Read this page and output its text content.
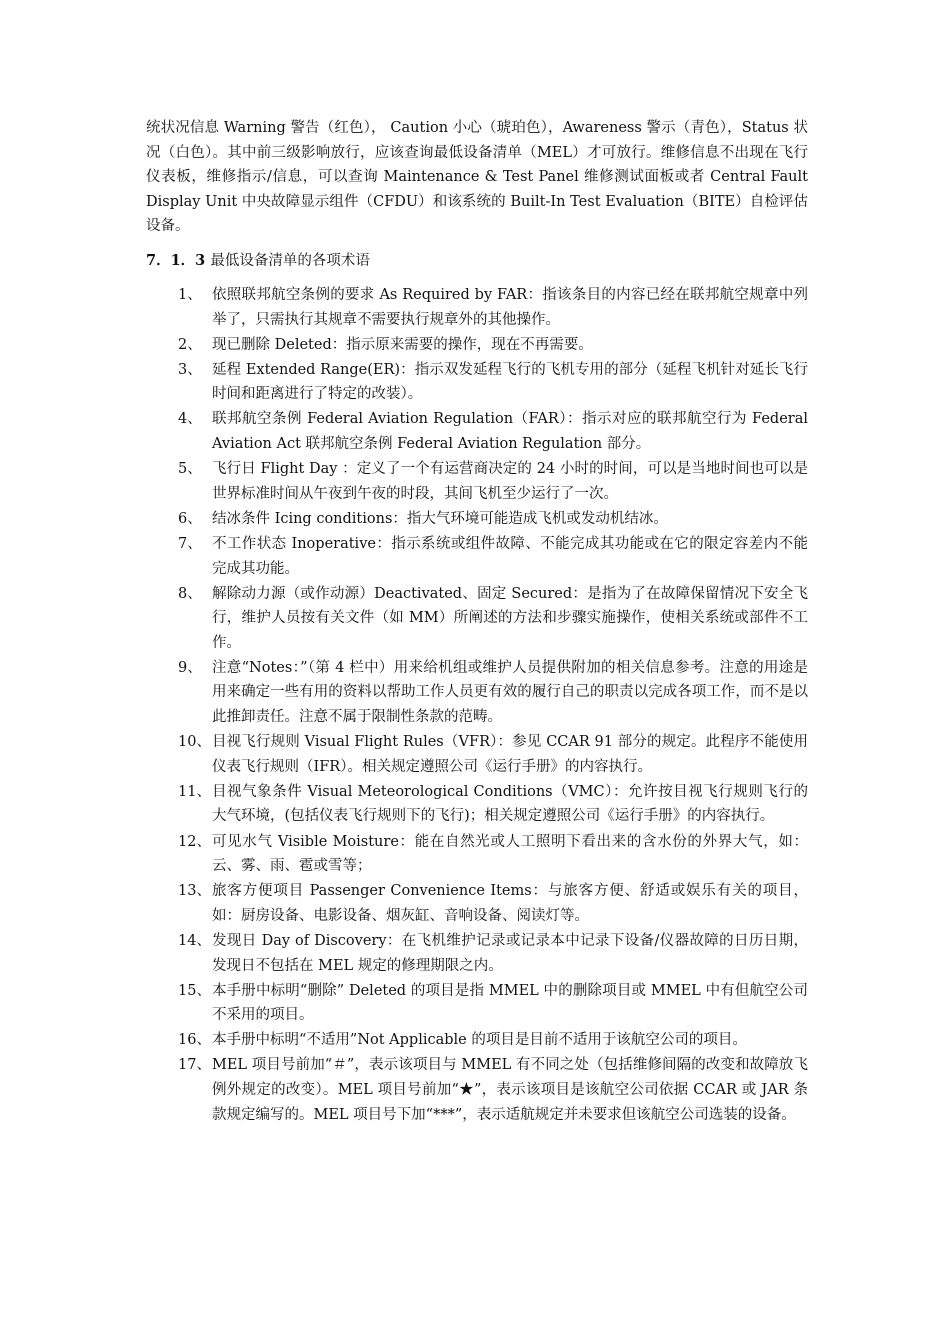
统状况信息 Warning 警告（红色）， Caution 小心（琥珀色），Awareness 警示（青色），Status 状况（白色）。其中前三级影响放行，应该查询最低设备清单（MEL）才可放行。维修信息不出现在飞行仪表板，维修指示/信息，可以查询 Maintenance & Test Panel 维修测试面板或者 Central Fault Display Unit 中央故障显示组件（CFDU）和该系统的 Built-In Test Evaluation（BITE）自检评估设备。

7．1．3 最低设备清单的各项术语
1、 依照联邦航空条例的要求 As Required by FAR：指该条目的内容已经在联邦航空规章中列举了，只需执行其规章不需要执行规章外的其他操作。
2、 现已删除 Deleted：指示原来需要的操作，现在不再需要。
3、 延程 Extended Range(ER)：指示双发延程飞行的飞机专用的部分（延程飞机针对延长飞行时间和距离进行了特定的改装）。
4、 联邦航空条例 Federal Aviation Regulation（FAR）：指示对应的联邦航空行为 Federal Aviation Act 联邦航空条例 Federal Aviation Regulation 部分。
5、 飞行日 Flight Day ：定义了一个有运营商决定的 24 小时的时间，可以是当地时间也可以是世界标准时间从午夜到午夜的时段，其间飞机至少运行了一次。
6、 结冰条件 Icing conditions：指大气环境可能造成飞机或发动机结冰。
7、 不工作状态 Inoperative：指示系统或组件故障、不能完成其功能或在它的限定容差内不能完成其功能。
8、 解除动力源（或作动源）Deactivated、固定 Secured：是指为了在故障保留情况下安全飞行，维护人员按有关文件（如 MM）所阐述的方法和步骤实施操作，使相关系统或部件不工作。
9、 注意“Notes：”（第 4 栏中）用来给机组或维护人员提供附加的相关信息参考。注意的用途是用来确定一些有用的资料以帮助工作人员更有效的履行自己的职责以完成各项工作，而不是以此推卸责任。注意不属于限制性条款的范畴。
10、 目视飞行规则 Visual Flight Rules（VFR）：参见 CCAR 91 部分的规定。此程序不能使用仪表飞行规则（IFR）。相关规定遵照公司《运行手册》的内容执行。
11、 目视气象条件 Visual Meteorological Conditions（VMC）：允许按目视飞行规则飞行的大气环境，(包括仪表飞行规则下的飞行)；相关规定遵照公司《运行手册》的内容执行。
12、 可见水气 Visible Moisture：能在自然光或人工照明下看出来的含水份的外界大气，如：云、雾、雨、雹或雪等；
13、 旅客方便项目 Passenger Convenience Items：与旅客方便、舒适或娱乐有关的项目，如：厨房设备、电影设备、烟灰缸、音响设备、阅读灯等。
14、 发现日 Day of Discovery：在飞机维护记录或记录本中记录下设备/仪器故障的日历日期，发现日不包括在 MEL 规定的修理期限之内。
15、 本手册中标明“删除” Deleted 的项目是指 MMEL 中的删除项目或 MMEL 中有但航空公司不采用的项目。
16、 本手册中标明“不适用”Not Applicable 的项目是目前不适用于该航空公司的项目。
17、 MEL 项目号前加“＃”，表示该项目与 MMEL 有不同之处（包括维修间隔的改变和故障放飞例外规定的改变）。MEL 项目号前加“★”，表示该项目是该航空公司依据 CCAR 或 JAR 条款规定编写的。MEL 项目号下加“***”，表示适航规定并未要求但该航空公司选装的设备。
